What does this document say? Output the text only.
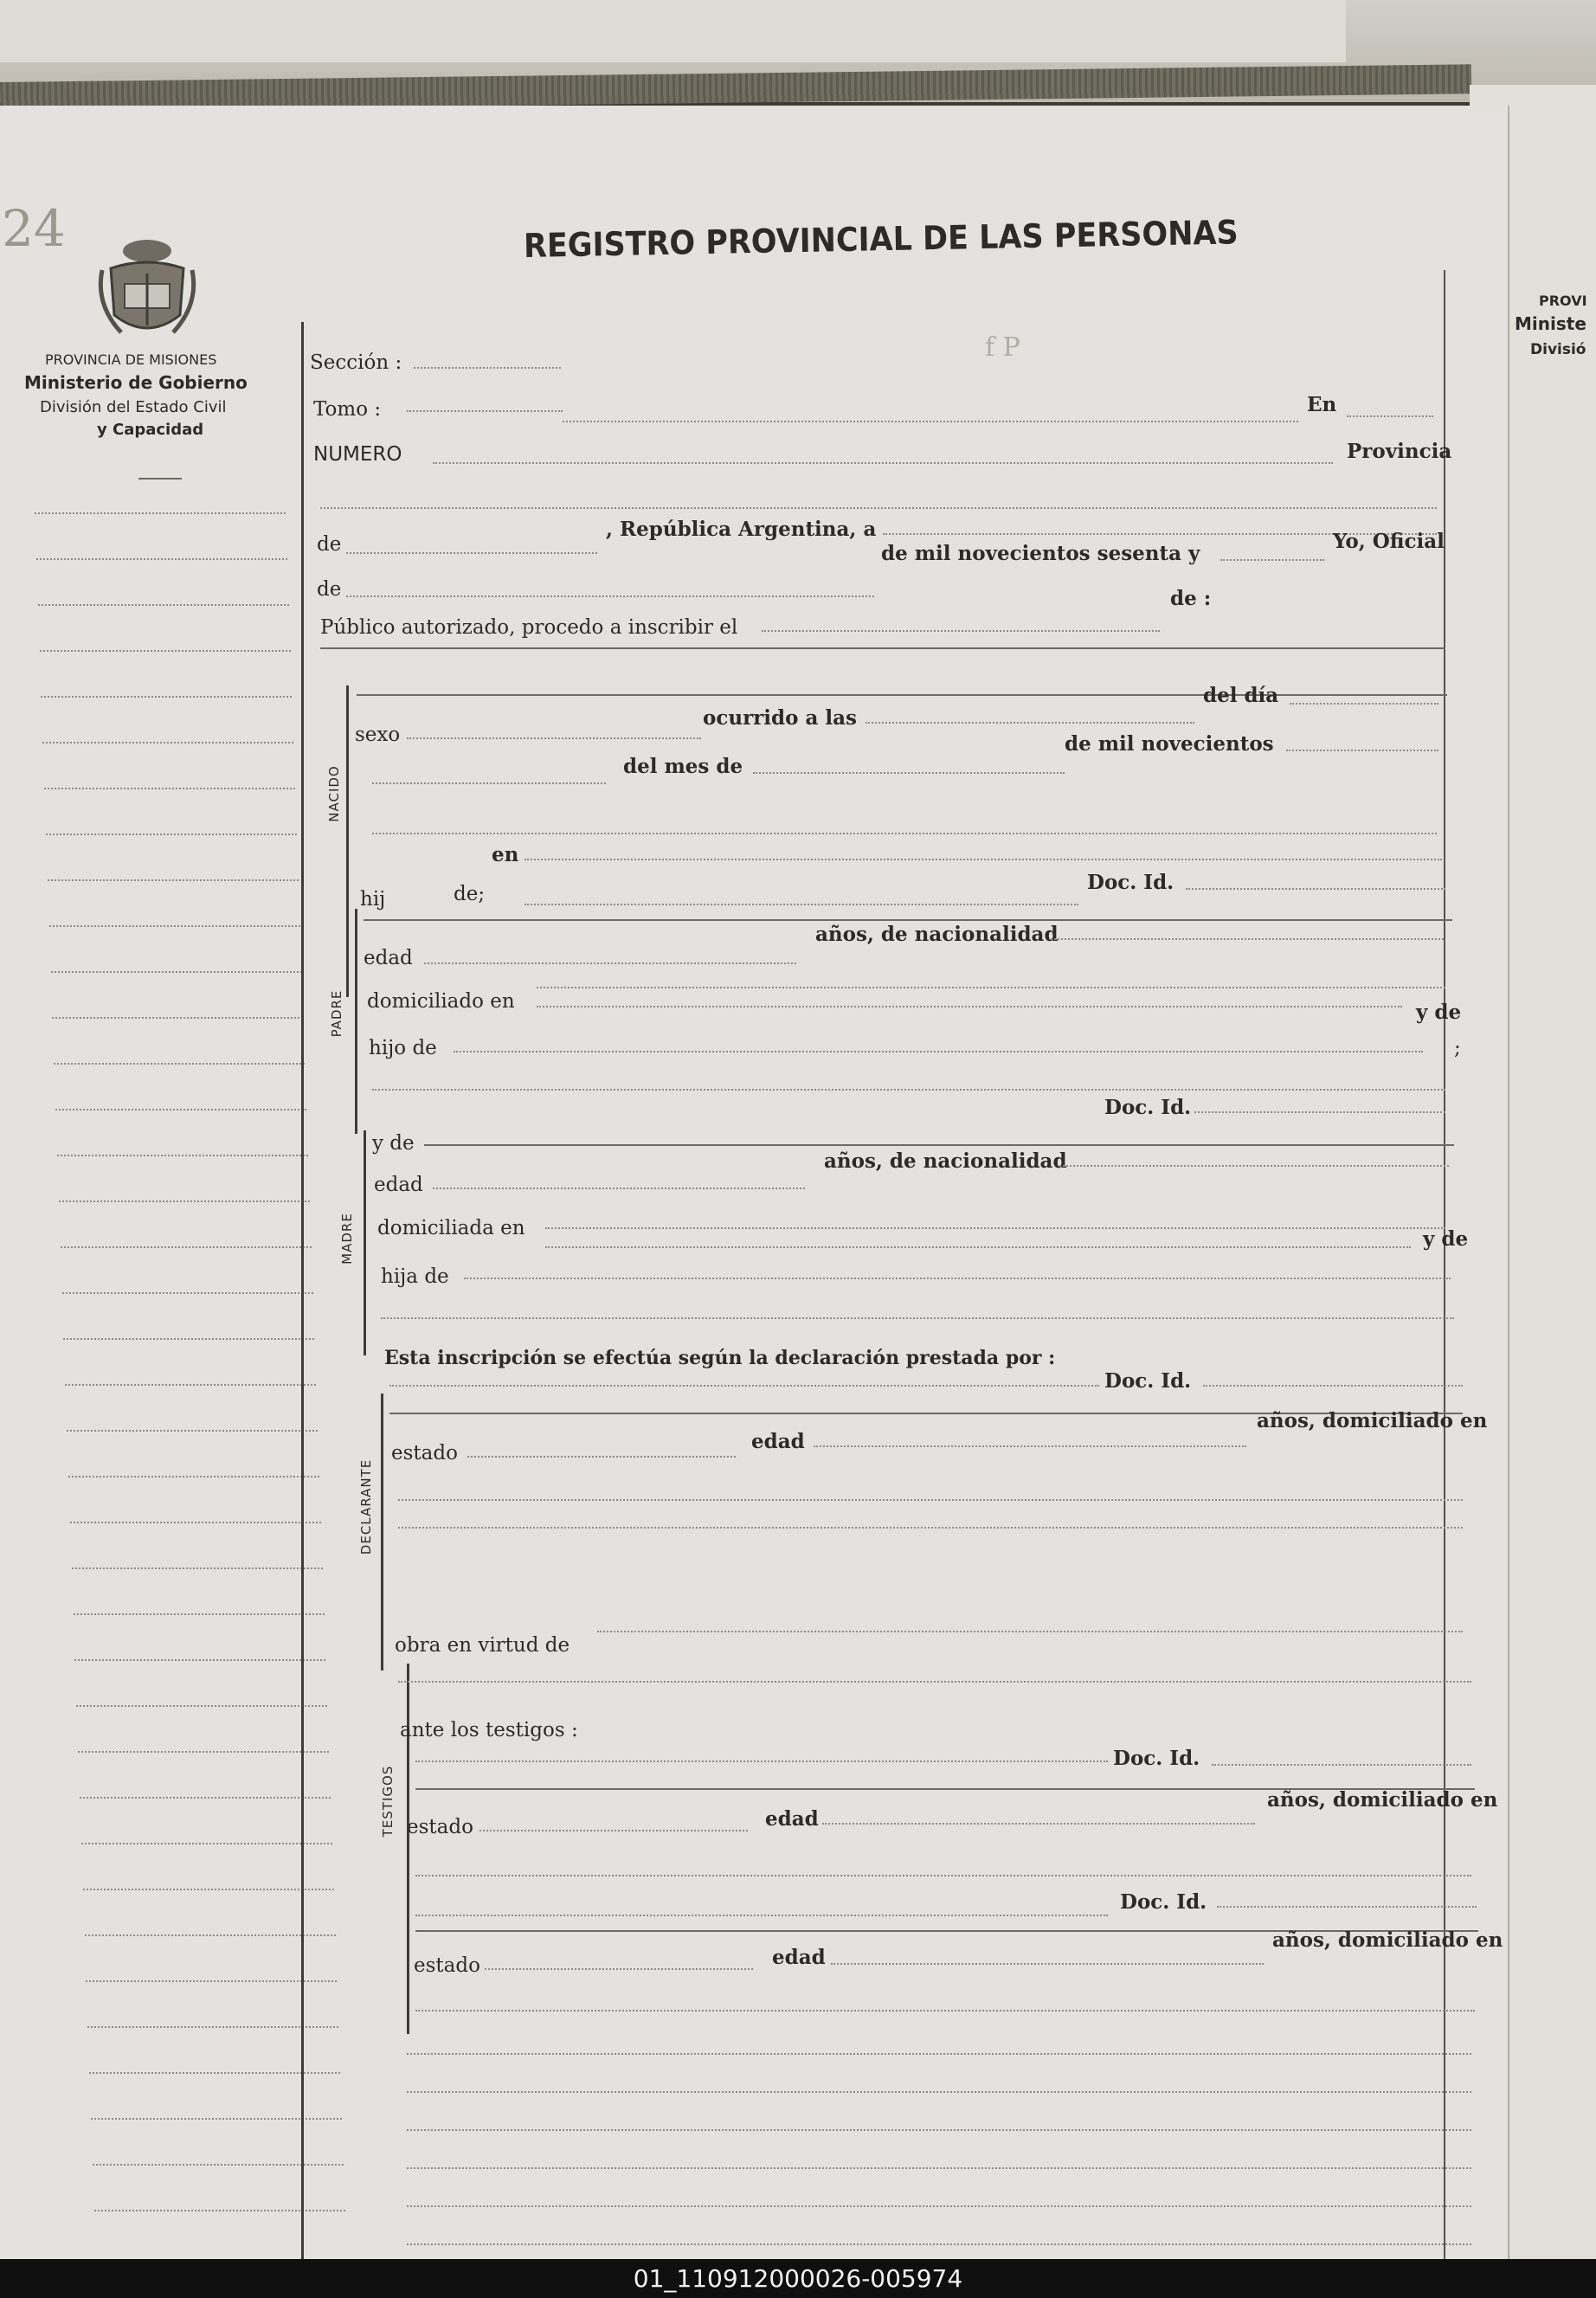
PROVI
Ministe
Divisió
24
PROVINCIA DE MISIONES
Ministerio de Gobierno
División del Estado Civil
y Capacidad
REGISTRO PROVINCIAL DE LAS PERSONAS
f P
NACIDO
PADRE
MADRE
DECLARANTE
TESTIGOS
Sección :
Tomo :	En
NUMERO	Provincia
de
, República Argentina, a
de
de mil novecientos sesenta y
Yo, Oficial
de :
Público autorizado, procedo a inscribir el
sexo
ocurrido a las
del día
del mes de
de mil novecientos
en
hij	de;	Doc. Id.
edad
años, de nacionalidad
domiciliado en	y de
hijo de	;
Doc. Id.
y de
edad
años, de nacionalidad
domiciliada en	y de
hija de
Esta inscripción se efectúa según la declaración prestada por :
Doc. Id.
estado	edad
años, domiciliado en
obra en virtud de
ante los testigos :
Doc. Id.
estado	edad
años, domiciliado en
Doc. Id.
estado	edad
años, domiciliado en
01_110912000026-005974
